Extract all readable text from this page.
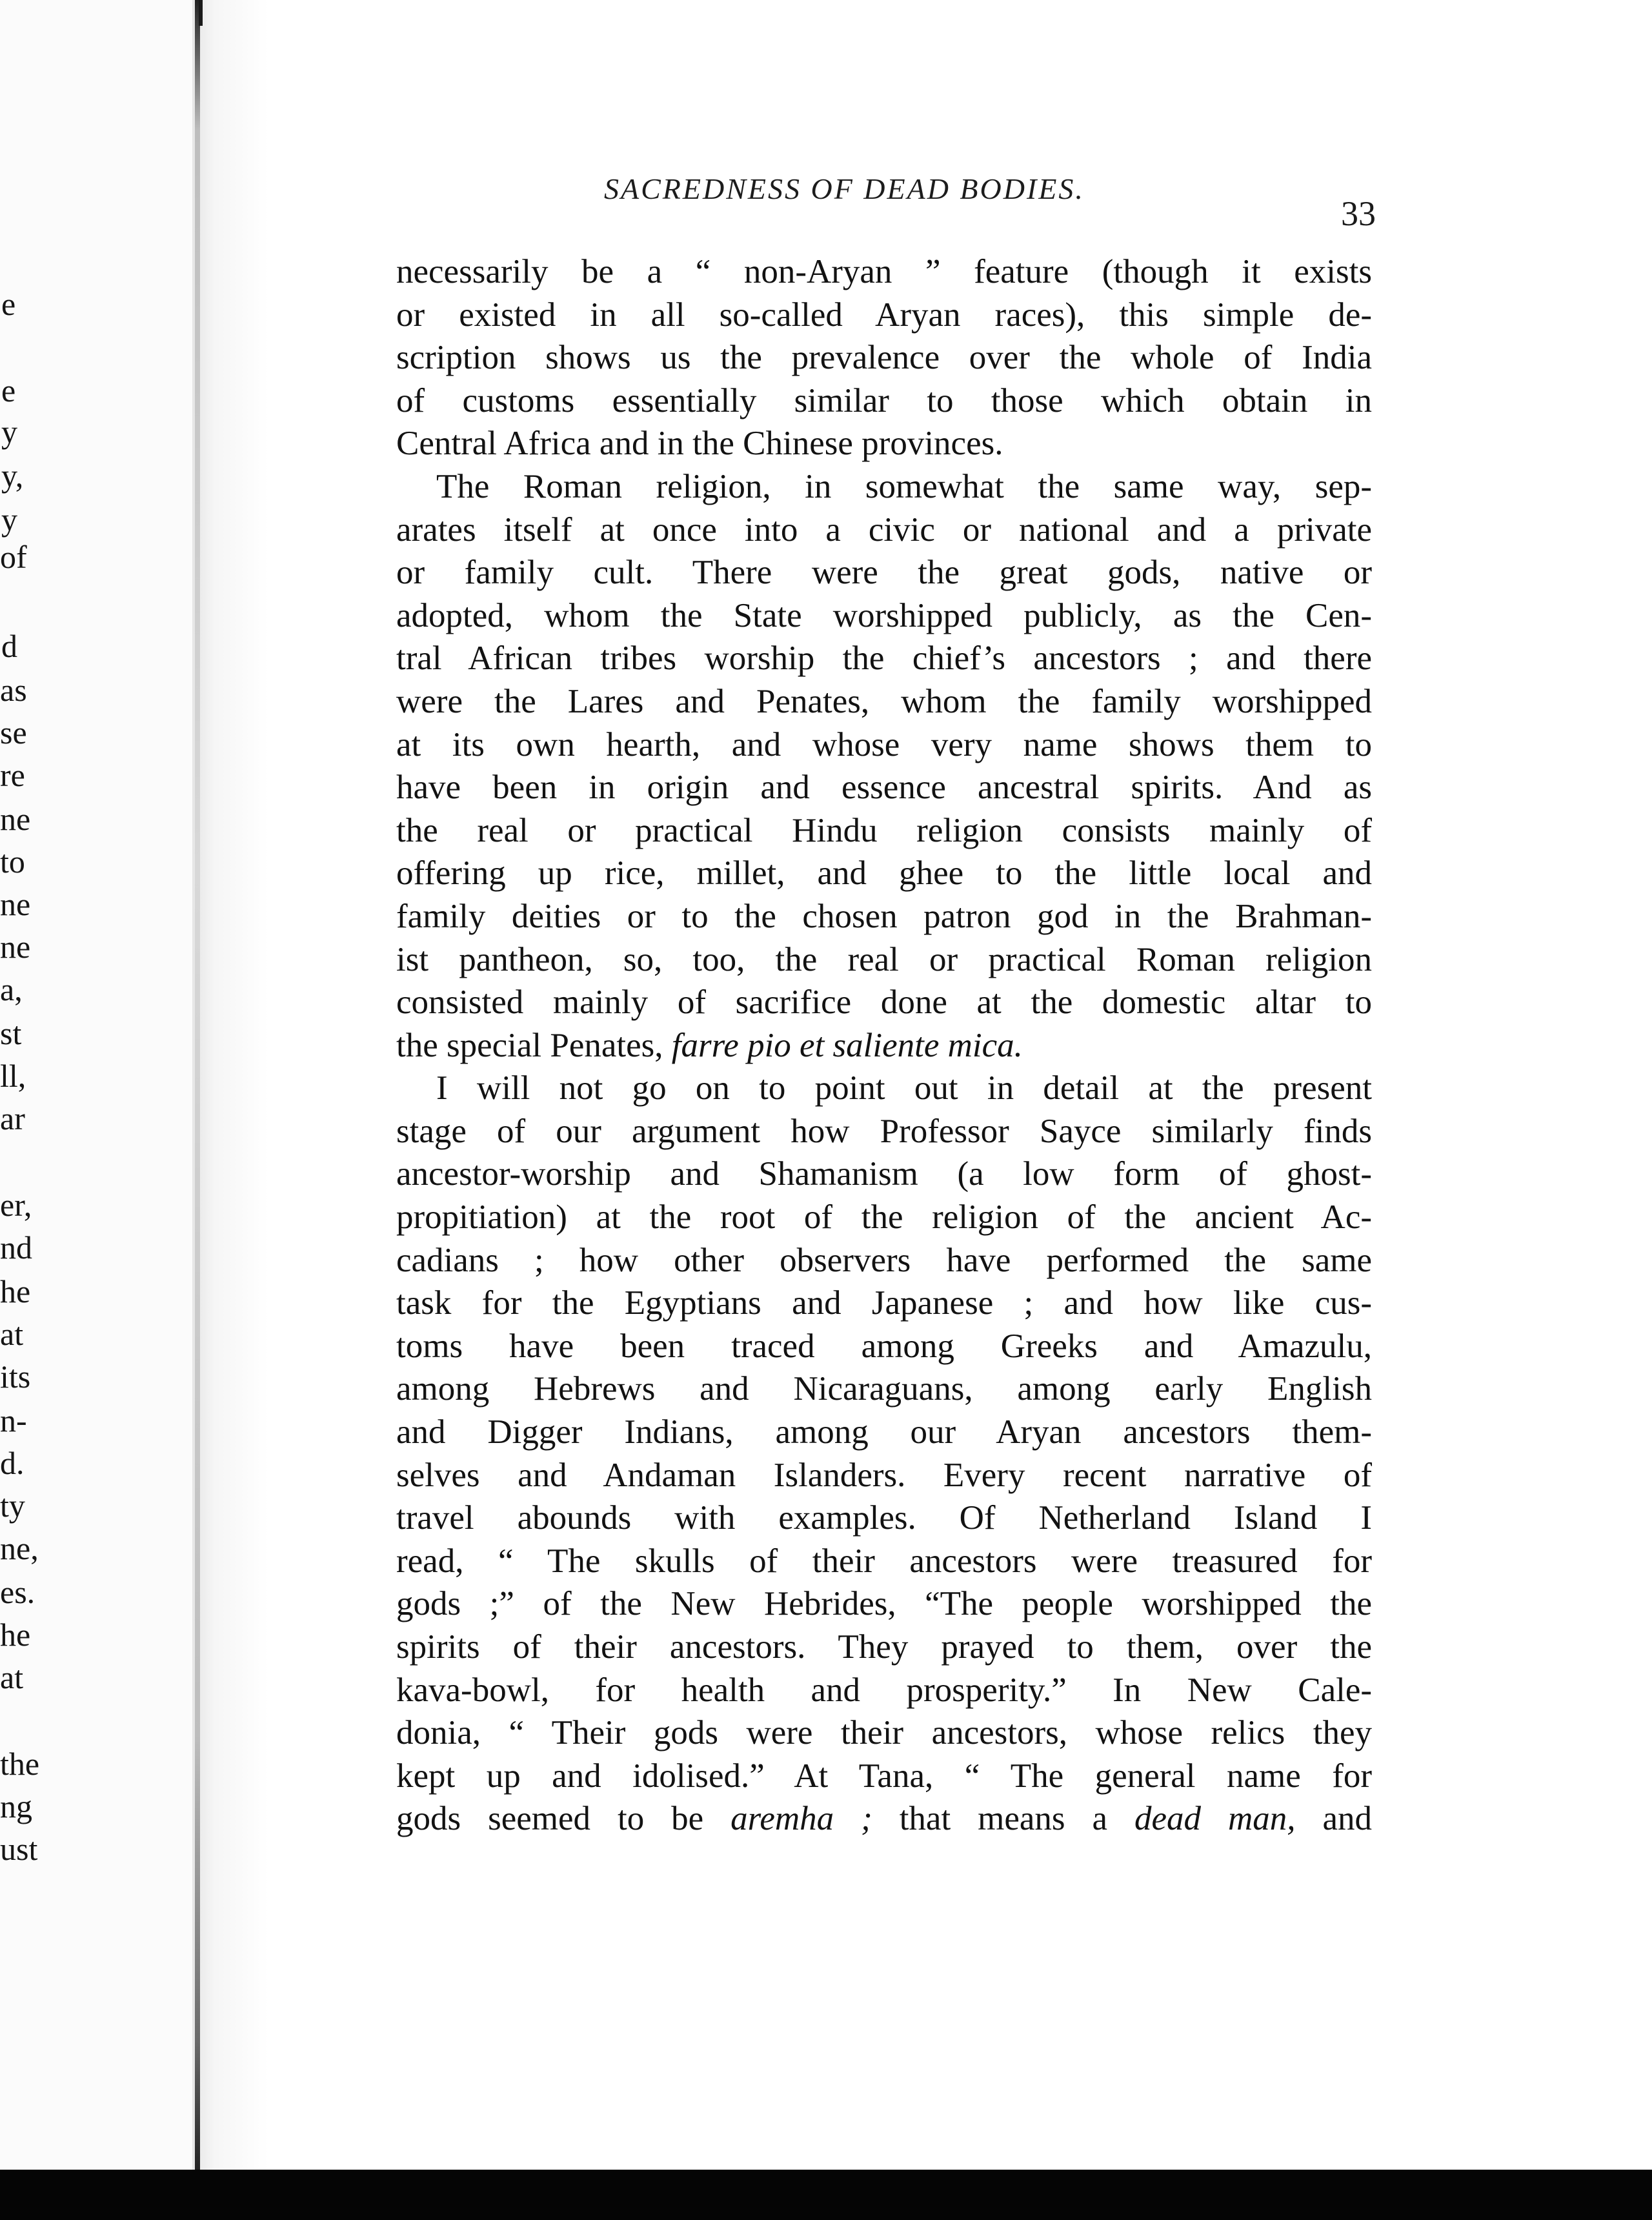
e
e
y
y,
y
of
d
as
se
re
ne
to
ne
ne
a,
st
ll,
ar
er,
nd
he
at
its
n-
d.
ty
ne,
es.
he
at
the
ng
ust
SACREDNESS OF DEAD BODIES.
33
necessarily be a “ non-Aryan ” feature (though it exists
or existed in all so-called Aryan races), this simple de-
scription shows us the prevalence over the whole of India
of customs essentially similar to those which obtain in
Central Africa and in the Chinese provinces.
The Roman religion, in somewhat the same way, sep-
arates itself at once into a civic or national and a private
or family cult. There were the great gods, native or
adopted, whom the State worshipped publicly, as the Cen-
tral African tribes worship the chief’s ancestors ; and there
were the Lares and Penates, whom the family worshipped
at its own hearth, and whose very name shows them to
have been in origin and essence ancestral spirits. And as
the real or practical Hindu religion consists mainly of
offering up rice, millet, and ghee to the little local and
family deities or to the chosen patron god in the Brahman-
ist pantheon, so, too, the real or practical Roman religion
consisted mainly of sacrifice done at the domestic altar to
the special Penates, farre pio et saliente mica.
I will not go on to point out in detail at the present
stage of our argument how Professor Sayce similarly finds
ancestor-worship and Shamanism (a low form of ghost-
propitiation) at the root of the religion of the ancient Ac-
cadians ; how other observers have performed the same
task for the Egyptians and Japanese ; and how like cus-
toms have been traced among Greeks and Amazulu,
among Hebrews and Nicaraguans, among early English
and Digger Indians, among our Aryan ancestors them-
selves and Andaman Islanders. Every recent narrative of
travel abounds with examples. Of Netherland Island I
read, “ The skulls of their ancestors were treasured for
gods ;” of the New Hebrides, “The people worshipped the
spirits of their ancestors. They prayed to them, over the
kava-bowl, for health and prosperity.” In New Cale-
donia, “ Their gods were their ancestors, whose relics they
kept up and idolised.” At Tana, “ The general name for
gods seemed to be aremha ; that means a dead man, and
